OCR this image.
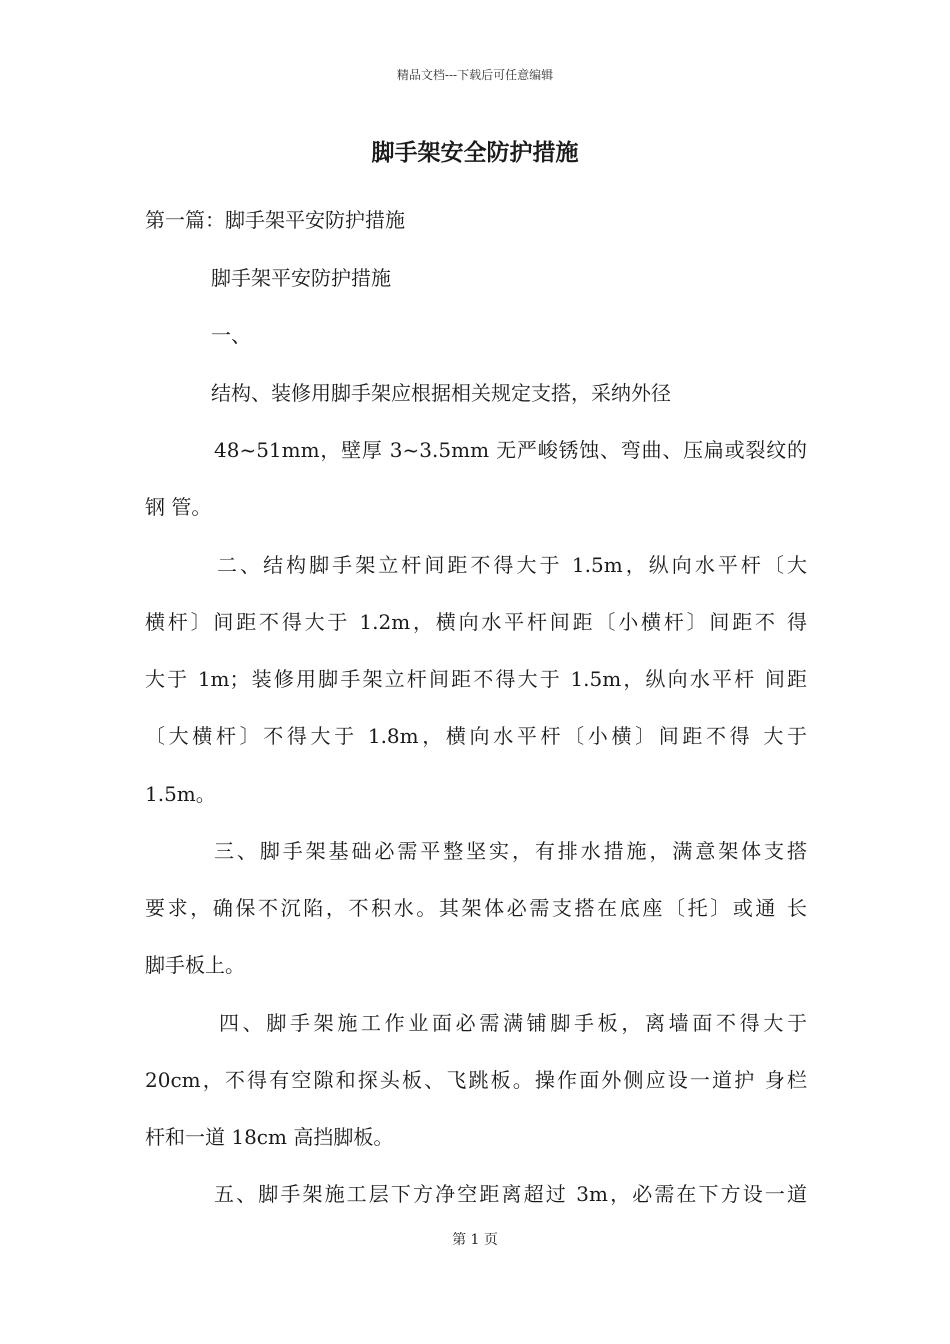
精品文档---下载后可任意编辑
脚手架安全防护措施
第一篇：脚手架平安防护措施
脚手架平安防护措施
一、
结构、装修用脚手架应根据相关规定支搭，采纳外径
48~51mm，壁厚 3~3.5mm 无严峻锈蚀、弯曲、压扁或裂纹的
钢 管。
二、结构脚手架立杆间距不得大于 1.5m，纵向水平杆〔大
横杆〕间距不得大于 1.2m，横向水平杆间距〔小横杆〕间距不 得
大于 1m；装修用脚手架立杆间距不得大于 1.5m，纵向水平杆 间距
〔大横杆〕不得大于 1.8m，横向水平杆〔小横〕间距不得 大于
1.5m。
三、脚手架基础必需平整坚实，有排水措施，满意架体支搭
要求，确保不沉陷，不积水。其架体必需支搭在底座〔托〕或通 长
脚手板上。
四、脚手架施工作业面必需满铺脚手板，离墙面不得大于
20cm，不得有空隙和探头板、飞跳板。操作面外侧应设一道护 身栏
杆和一道 18cm 高挡脚板。
五、脚手架施工层下方净空距离超过 3m，必需在下方设一道
第 1 页
